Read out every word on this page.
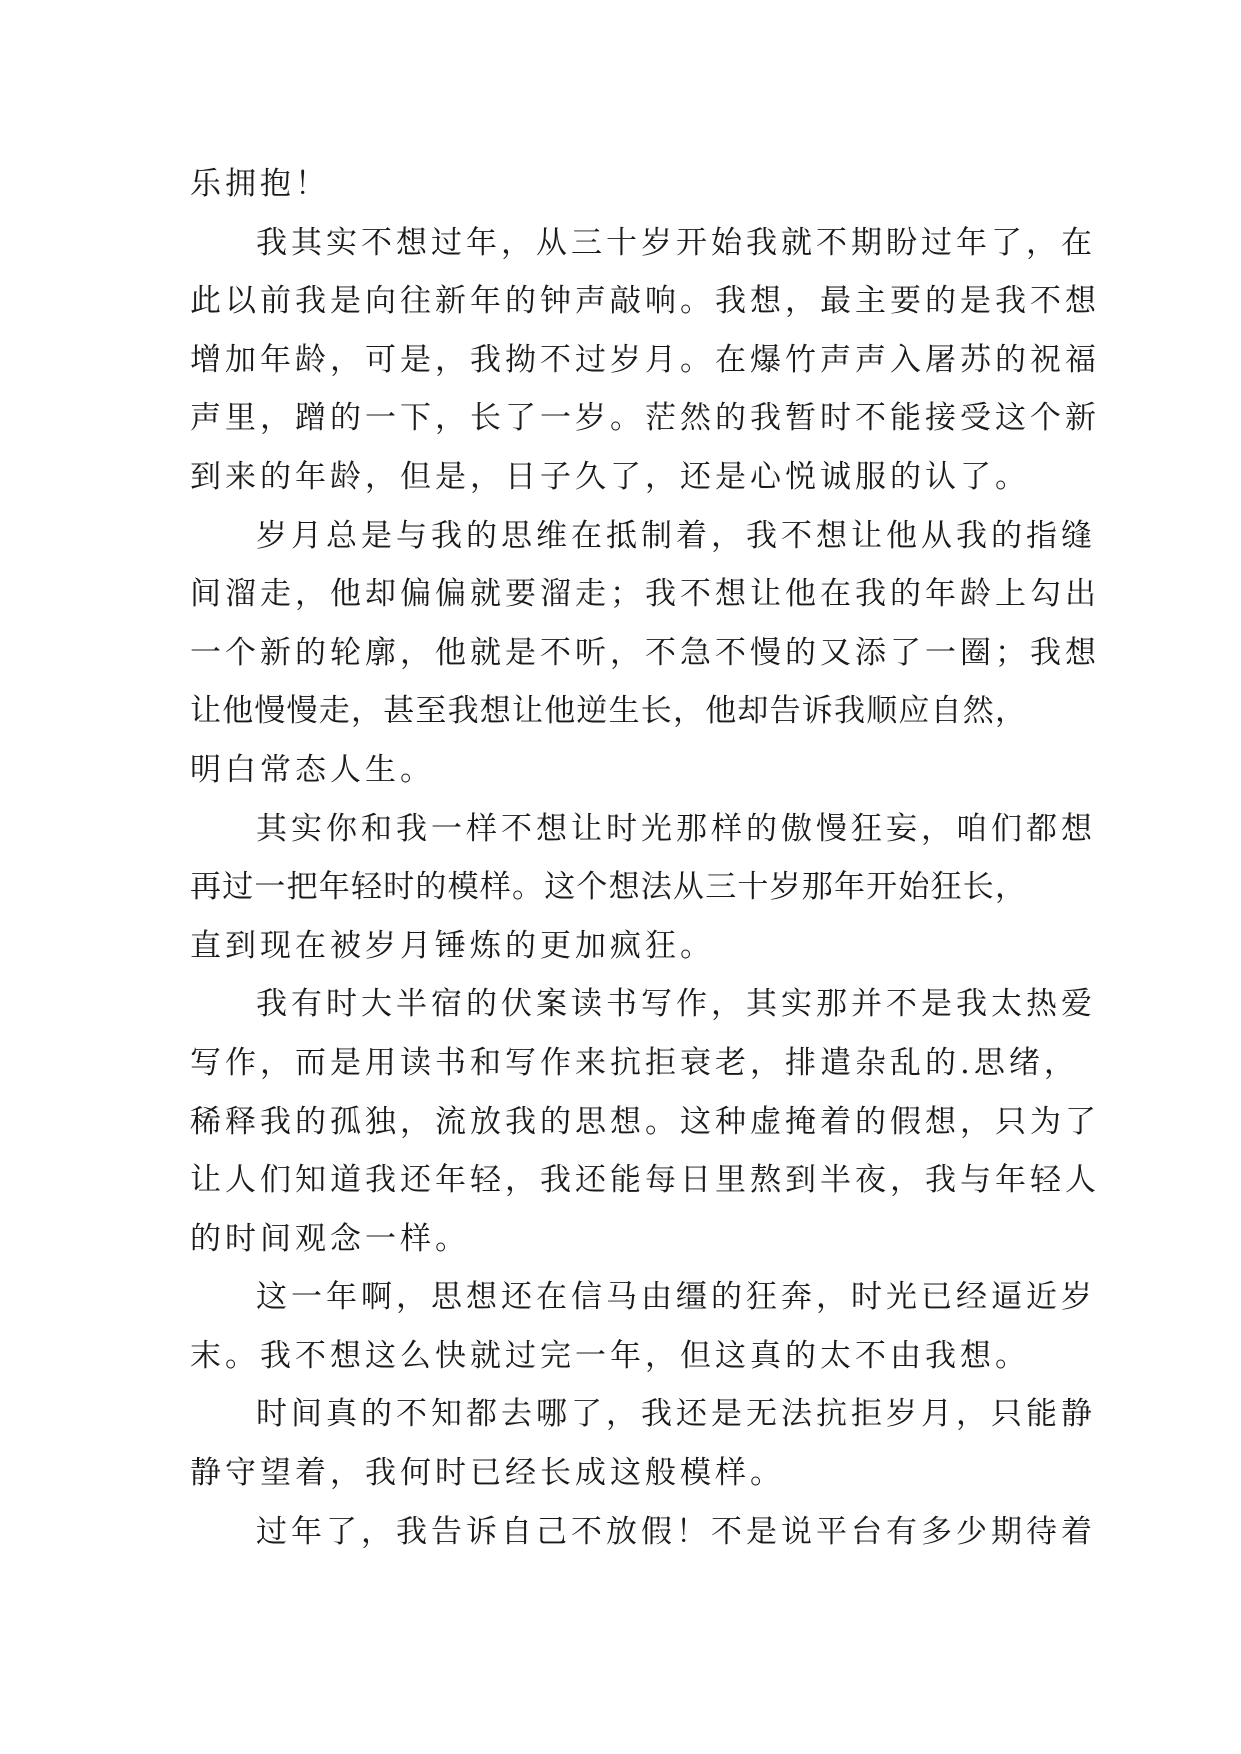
乐拥抱！
我其实不想过年，从三十岁开始我就不期盼过年了，在
此以前我是向往新年的钟声敲响。我想，最主要的是我不想
增加年龄，可是，我拗不过岁月。在爆竹声声入屠苏的祝福
声里，蹭的一下，长了一岁。茫然的我暂时不能接受这个新
到来的年龄，但是，日子久了，还是心悦诚服的认了。
岁月总是与我的思维在抵制着，我不想让他从我的指缝
间溜走，他却偏偏就要溜走；我不想让他在我的年龄上勾出
一个新的轮廓，他就是不听，不急不慢的又添了一圈；我想
让他慢慢走，甚至我想让他逆生长，他却告诉我顺应自然，
明白常态人生。
其实你和我一样不想让时光那样的傲慢狂妄，咱们都想
再过一把年轻时的模样。这个想法从三十岁那年开始狂长，
直到现在被岁月锤炼的更加疯狂。
我有时大半宿的伏案读书写作，其实那并不是我太热爱
写作，而是用读书和写作来抗拒衰老，排遣杂乱的.思绪，
稀释我的孤独，流放我的思想。这种虚掩着的假想，只为了
让人们知道我还年轻，我还能每日里熬到半夜，我与年轻人
的时间观念一样。
这一年啊，思想还在信马由缰的狂奔，时光已经逼近岁
末。我不想这么快就过完一年，但这真的太不由我想。
时间真的不知都去哪了，我还是无法抗拒岁月，只能静
静守望着，我何时已经长成这般模样。
过年了，我告诉自己不放假！不是说平台有多少期待着
